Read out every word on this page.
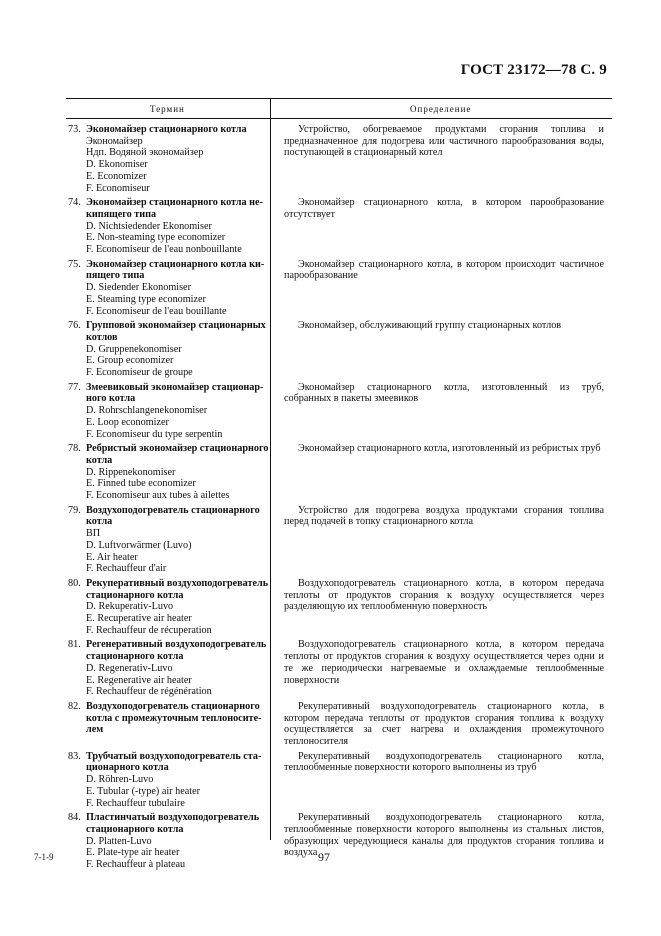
ГОСТ 23172—78 С. 9
Термин	Определение
73. Экономайзер стационарного котла
Экономайзер
Ндп. Водяной экономайзер
D. Ekonomiser
E. Economizer
F. Economiseur
74. Экономайзер стационарного котла не-
кипящего типа
D. Nichtsiedender Ekonomiser
E. Non-steaming type economizer
F. Economiseur de l'eau nonbouillante
75. Экономайзер стационарного котла ки-
пящего типа
D. Siedender Ekonomiser
E. Steaming type economizer
F. Economiseur de l'eau bouillante
76. Групповой экономайзер стационарных
котлов
D. Gruppenekonomiser
E. Group economizer
F. Economiseur de groupe
77. Змеевиковый экономайзер стационар-
ного котла
D. Rohrschlangenekonomiser
E. Loop economizer
F. Economiseur du type serpentin
78. Ребристый экономайзер стационарного
котла
D. Rippenekonomiser
E. Finned tube economizer
F. Economiseur aux tubes à ailettes
79. Воздухоподогреватель стационарного
котла
ВП
D. Luftvorwärmer (Luvo)
E. Air heater
F. Rechauffeur d'air
80. Рекуперативный воздухоподогреватель
стационарного котла
D. Rekuperativ-Luvo
E. Recuperative air heater
F. Rechauffeur de récuperation
81. Регенеративный воздухоподогреватель
стационарного котла
D. Regenerativ-Luvo
E. Regenerative air heater
F. Rechauffeur de régénération
82. Воздухоподогреватель стационарного
котла с промежуточным теплоносите-
лем
83. Трубчатый воздухоподогреватель ста-
ционарного котла
D. Röhren-Luvo
E. Tubular (-type) air heater
F. Rechauffeur tubulaire
84. Пластинчатый воздухоподогреватель
стационарного котла
D. Platten-Luvo
E. Plate-type air heater
F. Rechauffeur à plateau
Устройство, обогреваемое продуктами сгорания топлива и предназначенное для подогрева или частичного парообразования воды, поступающей в стационарный котел
Экономайзер стационарного котла, в котором парообразование отсутствует
Экономайзер стационарного котла, в котором происходит частичное парообразование
Экономайзер, обслуживающий группу стационарных котлов
Экономайзер стационарного котла, изготовленный из труб, собранных в пакеты змеевиков
Экономайзер стационарного котла, изготовленный из ребристых труб
Устройство для подогрева воздуха продуктами сгорания топлива перед подачей в топку стационарного котла
Воздухоподогреватель стационарного котла, в котором передача теплоты от продуктов сгорания к воздуху осуществляется через разделяющую их теплообменную поверхность
Воздухоподогреватель стационарного котла, в котором передача теплоты от продуктов сгорания к воздуху осуществляется через одни и те же периодически нагреваемые и охлаждаемые теплообменные поверхности
Рекуперативный воздухоподогреватель стационарного котла, в котором передача теплоты от продуктов сгорания топлива к воздуху осуществляется за счет нагрева и охлаждения промежуточного теплоносителя
Рекуперативный воздухоподогреватель стационарного котла, теплообменные поверхности которого выполнены из труб
Рекуперативный воздухоподогреватель стационарного котла, теплообменные поверхности которого выполнены из стальных листов, образующих чередующиеся каналы для продуктов сгорания топлива и воздуха
7-1-9	97
